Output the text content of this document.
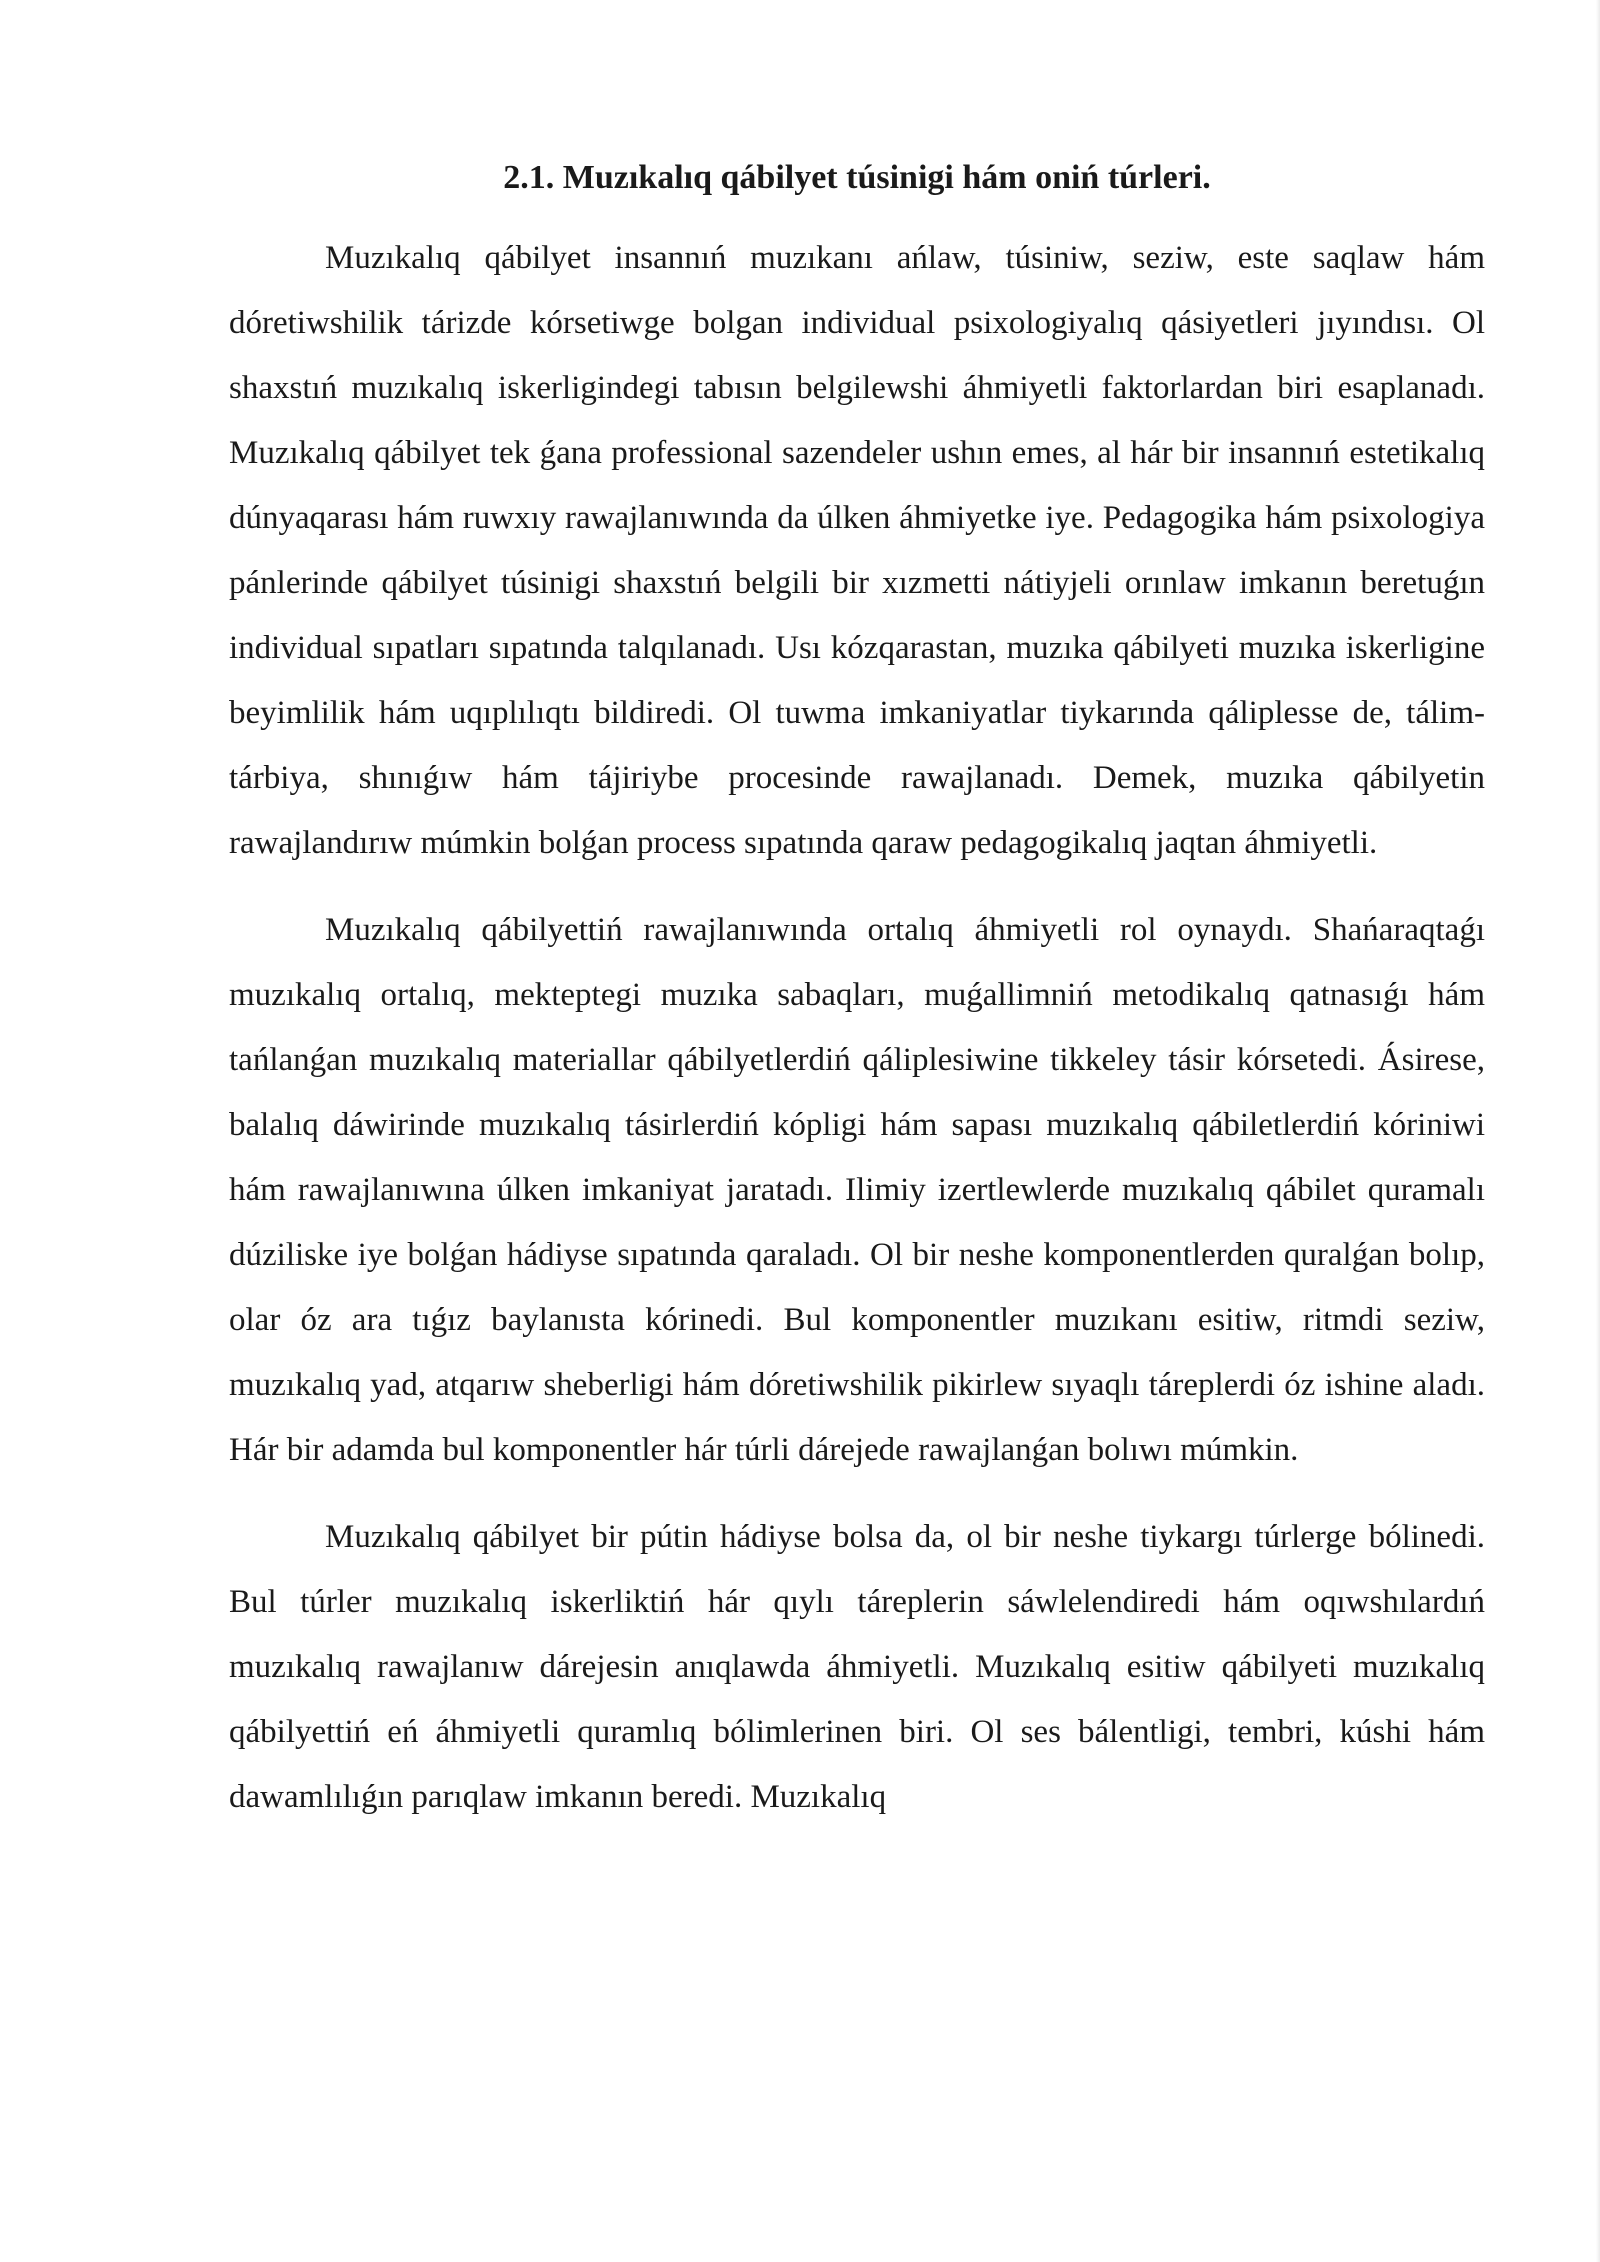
2.1. Muzıkalıq qábilyet túsinigi hám oniń túrleri.

Muzıkalıq qábilyet insannıń muzıkanı ańlaw, túsiniw, seziw, este saqlaw hám dóretiwshilik tárizde kórsetiwge bolgan individual psixologiyalıq qásiyetleri jıyındısı. Ol shaxstıń muzıkalıq iskerligindegi tabısın belgilewshi áhmiyetli faktorlardan biri esaplanadı. Muzıkalıq qábilyet tek ǵana professional sazendeler ushın emes, al hár bir insannıń estetikalıq dúnyaqarası hám ruwxıy rawajlanıwında da úlken áhmiyetke iye. Pedagogika hám psixologiya pánlerinde qábilyet túsinigi shaxstıń belgili bir xızmetti nátiyjeli orınlaw imkanın beretuǵın individual sıpatları sıpatında talqılanadı. Usı kózqarastan, muzıka qábilyeti muzıka iskerligine beyimlilik hám uqıplılıqtı bildiredi. Ol tuwma imkaniyatlar tiykarında qáliplesse de, tálim-tárbiya, shınıǵıw hám tájiriybe procesinde rawajlanadı. Demek, muzıka qábilyetin rawajlandırıw múmkin bolǵan process sıpatında qaraw pedagogikalıq jaqtan áhmiyetli.

Muzıkalıq qábilyettiń rawajlanıwında ortalıq áhmiyetli rol oynaydı. Shańaraqtaǵı muzıkalıq ortalıq, mekteptegi muzıka sabaqları, muǵallimniń metodikalıq qatnasıǵı hám tańlanǵan muzıkalıq materiallar qábilyetlerdiń qáliplesiwine tikkeley tásir kórsetedi. Ásirese, balalıq dáwirinde muzıkalıq tásirlerdiń kópligi hám sapası muzıkalıq qábiletlerdiń kóriniwi hám rawajlanıwına úlken imkaniyat jaratadı. Ilimiy izertlewlerde muzıkalıq qábilet quramalı dúziliske iye bolǵan hádiyse sıpatında qaraladı. Ol bir neshe komponentlerden quralǵan bolıp, olar óz ara tıǵız baylanısta kórinedi. Bul komponentler muzıkanı esitiw, ritmdi seziw, muzıkalıq yad, atqarıw sheberligi hám dóretiwshilik pikirlew sıyaqlı táreplerdi óz ishine aladı. Hár bir adamda bul komponentler hár túrli dárejede rawajlanǵan bolıwı múmkin.

Muzıkalıq qábilyet bir pútin hádiyse bolsa da, ol bir neshe tiykargı túrlerge bólinedi. Bul túrler muzıkalıq iskerliktiń hár qıylı táreplerin sáwlelendiredi hám oqıwshılardıń muzıkalıq rawajlanıw dárejesin anıqlawda áhmiyetli. Muzıkalıq esitiw qábilyeti muzıkalıq qábilyettiń eń áhmiyetli quramlıq bólimlerinen biri. Ol ses bálentligi, tembri, kúshi hám dawamlılıǵın parıqlaw imkanın beredi. Muzıkalıq
